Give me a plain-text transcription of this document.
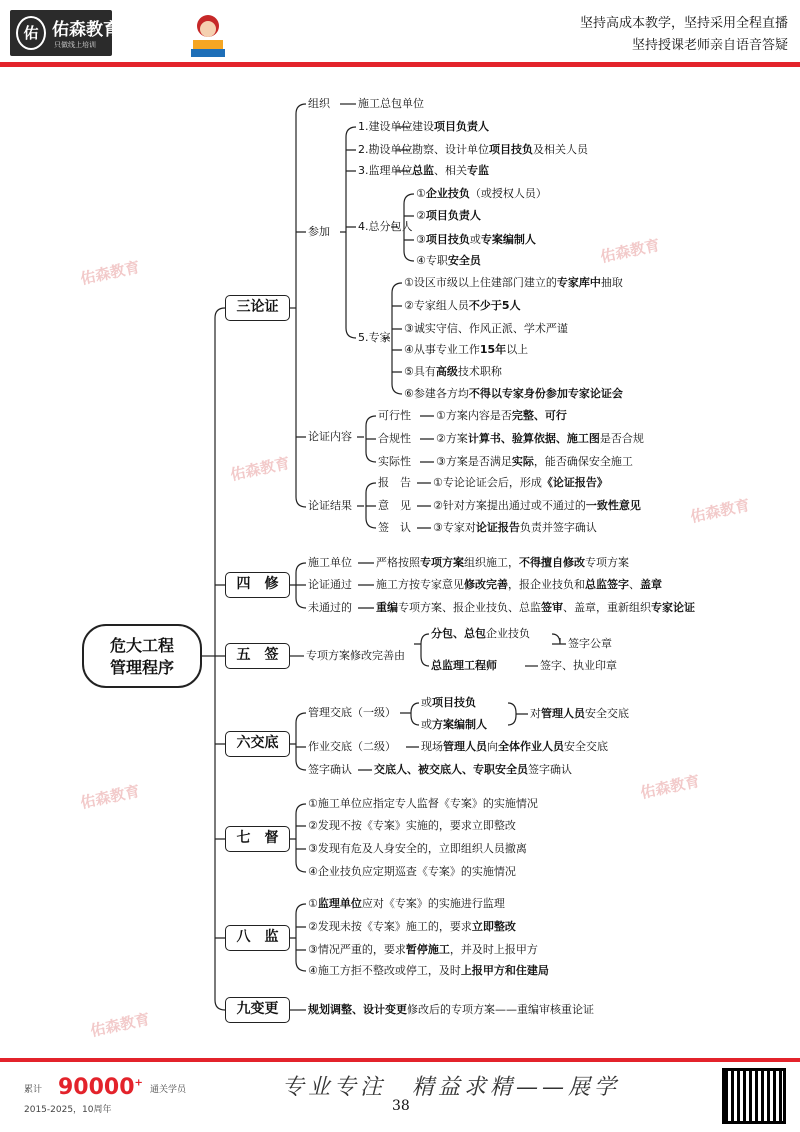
佑 佑森教育
只做线上培训
坚持高成本教学，坚持采用全程直播
坚持授课老师亲自语音答疑
佑森教育
佑森教育
佑森教育
佑森教育
佑森教育
佑森教育
佑森教育
危大工程
管理程序
三论证
四　修
五　签
六交底
七　督
八　监
九变更
组织	施工总包单位
参加
1.建设单位 建设项目负责人
2.勘设单位 勘察、设计单位项目技负及相关人员
3.监理单位 总监、相关专监
4.总分包人
①企业技负（或授权人员）
②项目负责人
③项目技负或专案编制人
④专职安全员
5.专家
①设区市级以上住建部门建立的专家库中抽取
②专家组人员不少于5人
③诚实守信、作风正派、学术严谨
④从事专业工作15年以上
⑤具有高级技术职称
⑥参建各方均不得以专家身份参加专家论证会
论证内容
可行性 ①方案内容是否完整、可行
合规性 ②方案计算书、验算依据、施工图是否合规
实际性 ③方案是否满足实际，能否确保安全施工
论证结果
报　告 ①专论论证会后，形成《论证报告》
意　见 ②针对方案提出通过或不通过的一致性意见
签　认 ③专家对论证报告负责并签字确认
施工单位 严格按照专项方案组织施工，不得擅自修改专项方案
论证通过 施工方按专家意见修改完善，报企业技负和总监签字、盖章
未通过的 重编专项方案、报企业技负、总监签审、盖章，重新组织专家论证
专项方案修改完善由
分包、总包企业技负
签字公章
总监理工程师	签字、执业印章
管理交底（一级）
或项目技负
或方案编制人
对管理人员安全交底
作业交底（二级） 现场管理人员向全体作业人员安全交底
签字确认 交底人、被交底人、专职安全员签字确认
①施工单位应指定专人监督《专案》的实施情况
②发现不按《专案》实施的，要求立即整改
③发现有危及人身安全的，立即组织人员撤离
④企业技负应定期巡查《专案》的实施情况
①监理单位应对《专案》的实施进行监理
②发现未按《专案》施工的，要求立即整改
③情况严重的，要求暂停施工，并及时上报甲方
④施工方拒不整改或停工，及时上报甲方和住建局
规划调整、设计变更修改后的专项方案——重编审核重论证
累计 90000+
通关学员
2015-2025，10周年
专业专注　精益求精——展学
38
